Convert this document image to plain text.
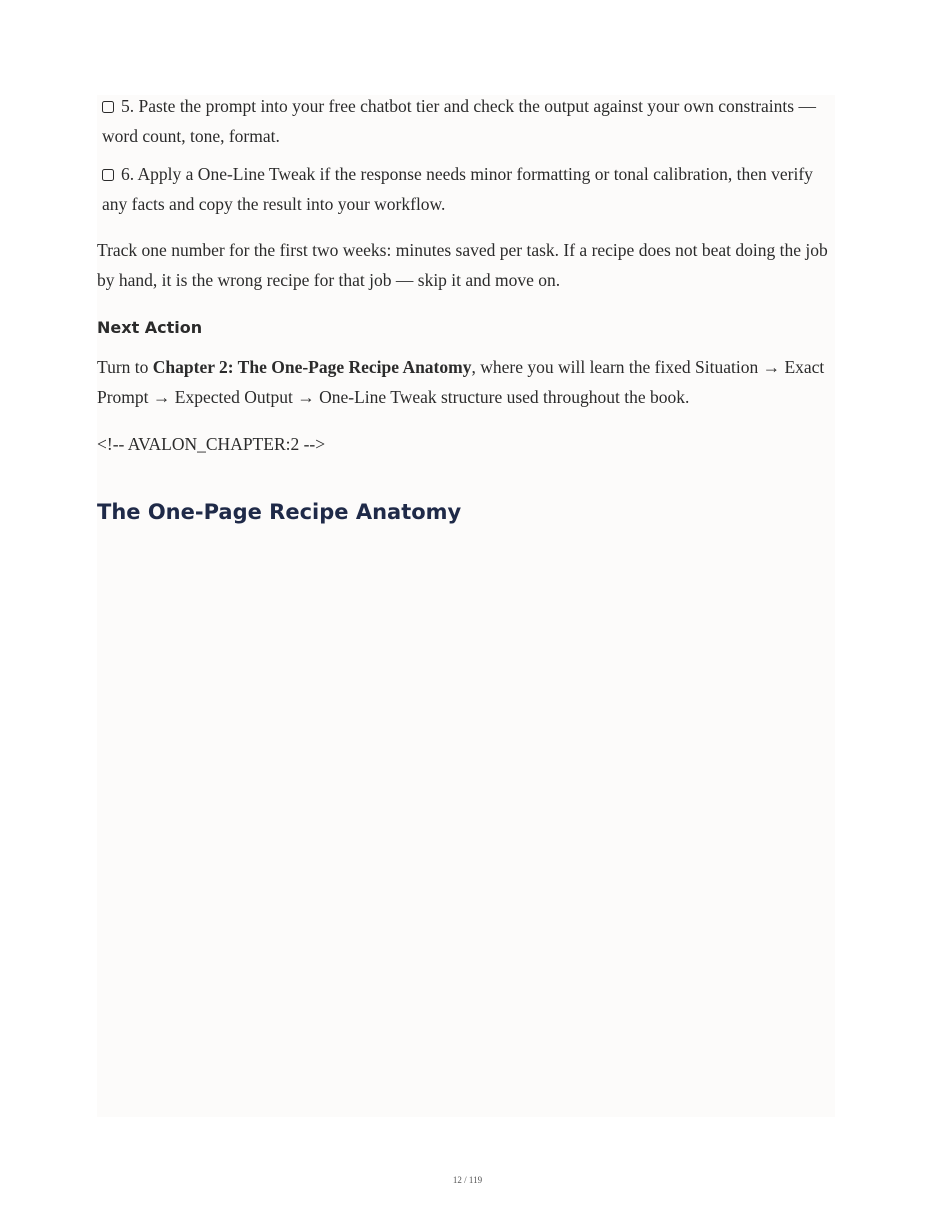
5. Paste the prompt into your free chatbot tier and check the output against your own constraints — word count, tone, format.
6. Apply a One-Line Tweak if the response needs minor formatting or tonal calibration, then verify any facts and copy the result into your workflow.
Track one number for the first two weeks: minutes saved per task. If a recipe does not beat doing the job by hand, it is the wrong recipe for that job — skip it and move on.
Next Action
Turn to Chapter 2: The One-Page Recipe Anatomy, where you will learn the fixed Situation → Exact Prompt → Expected Output → One-Line Tweak structure used throughout the book.
<!-- AVALON_CHAPTER:2 -->
The One-Page Recipe Anatomy
12 / 119
